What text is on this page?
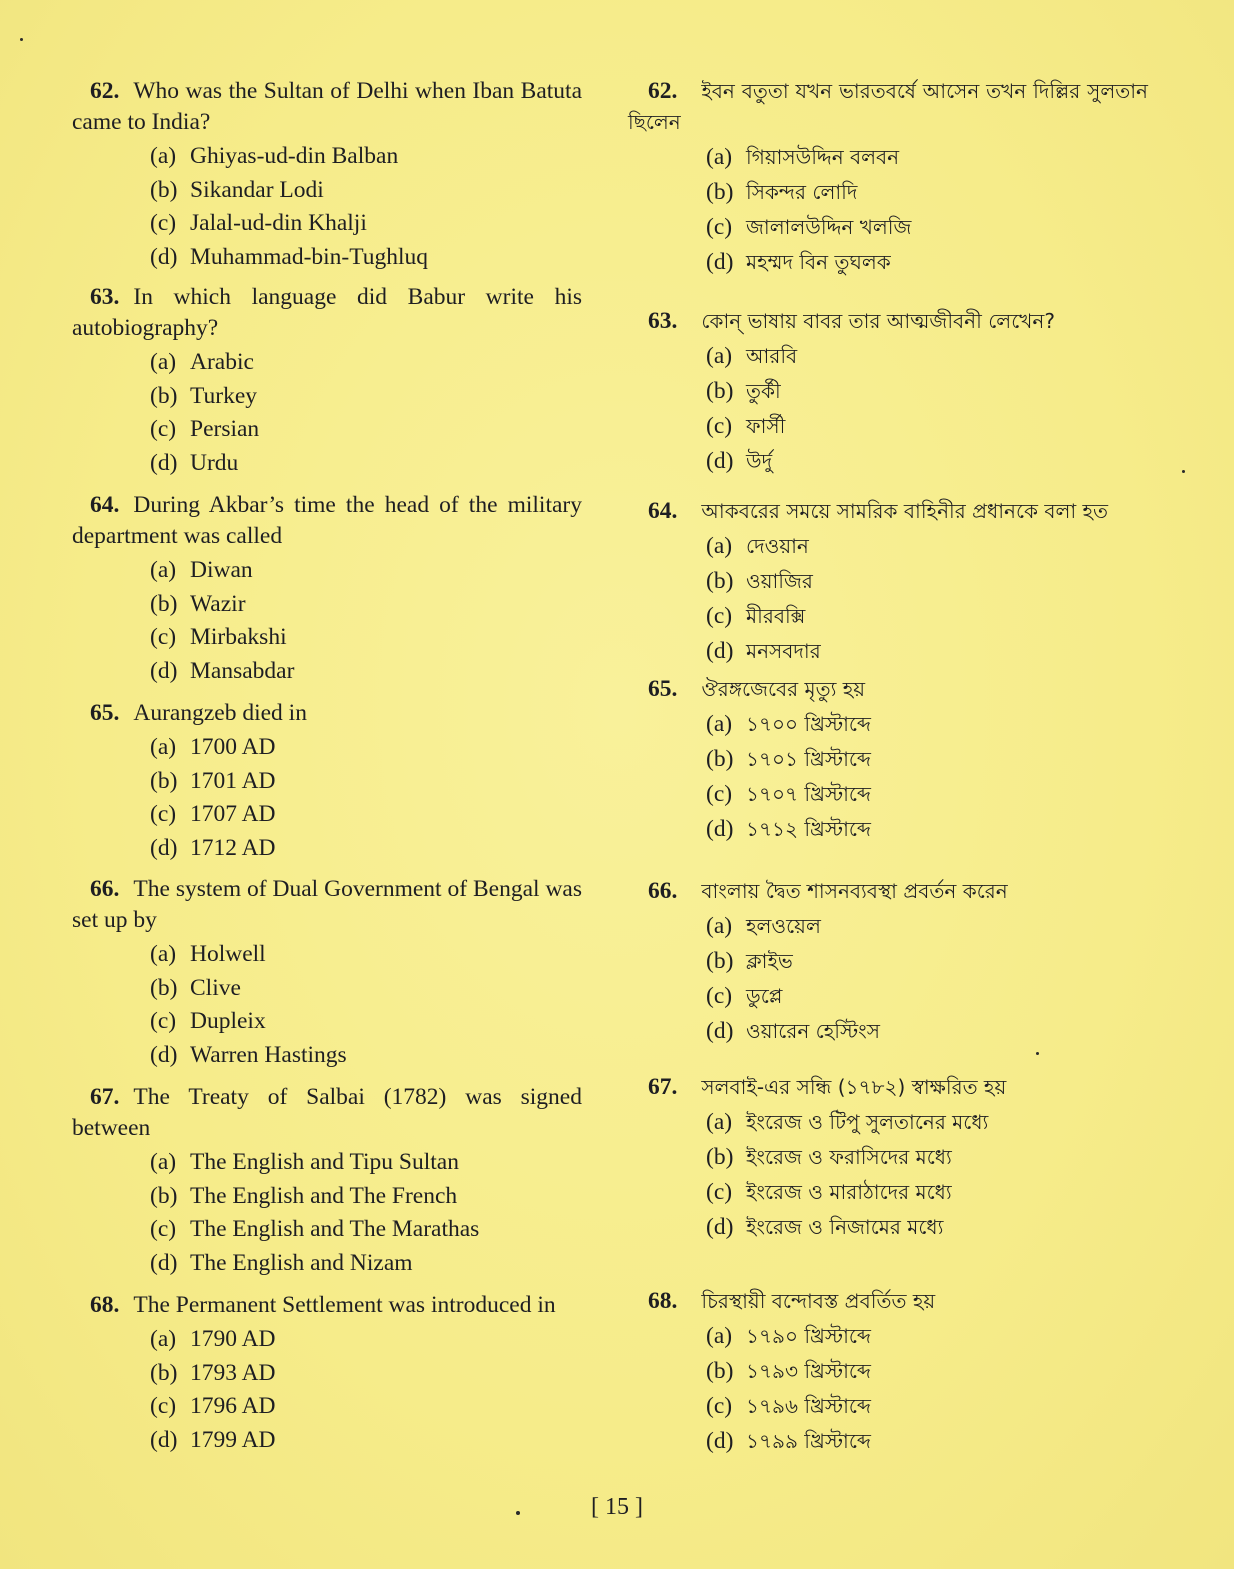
62. Who was the Sultan of Delhi when Iban Batuta came to India?

(a) Ghiyas-ud-din Balban
(b) Sikandar Lodi
(c) Jalal-ud-din Khalji
(d) Muhammad-bin-Tughluq

63. In which language did Babur write his autobiography?

(a) Arabic
(b) Turkey
(c) Persian
(d) Urdu

64. During Akbar’s time the head of the military department was called

(a) Diwan
(b) Wazir
(c) Mirbakshi
(d) Mansabdar

65. Aurangzeb died in

(a) 1700 AD
(b) 1701 AD
(c) 1707 AD
(d) 1712 AD

66. The system of Dual Government of Bengal was set up by

(a) Holwell
(b) Clive
(c) Dupleix
(d) Warren Hastings

67. The Treaty of Salbai (1782) was signed between

(a) The English and Tipu Sultan
(b) The English and The French
(c) The English and The Marathas
(d) The English and Nizam

68. The Permanent Settlement was introduced in

(a) 1790 AD
(b) 1793 AD
(c) 1796 AD
(d) 1799 AD

62. ইবন বতুতা যখন ভারতবর্ষে আসেন তখন দিল্লির সুলতান ছিলেন

(a) গিয়াসউদ্দিন বলবন
(b) সিকন্দর লোদি
(c) জালালউদ্দিন খলজি
(d) মহম্মদ বিন তুঘলক

63. কোন্ ভাষায় বাবর তার আত্মজীবনী লেখেন?

(a) আরবি
(b) তুর্কী
(c) ফার্সী
(d) উর্দু

64. আকবরের সময়ে সামরিক বাহিনীর প্রধানকে বলা হত

(a) দেওয়ান
(b) ওয়াজির
(c) মীরবক্সি
(d) মনসবদার

65. ঔরঙ্গজেবের মৃত্যু হয়

(a) ১৭০০ খ্রিস্টাব্দে
(b) ১৭০১ খ্রিস্টাব্দে
(c) ১৭০৭ খ্রিস্টাব্দে
(d) ১৭১২ খ্রিস্টাব্দে

66. বাংলায় দ্বৈত শাসনব্যবস্থা প্রবর্তন করেন

(a) হলওয়েল
(b) ক্লাইভ
(c) ডুপ্লে
(d) ওয়ারেন হেস্টিংস

67. সলবাই-এর সন্ধি (১৭৮২) স্বাক্ষরিত হয়

(a) ইংরেজ ও টিপু সুলতানের মধ্যে
(b) ইংরেজ ও ফরাসিদের মধ্যে
(c) ইংরেজ ও মারাঠাদের মধ্যে
(d) ইংরেজ ও নিজামের মধ্যে

68. চিরস্থায়ী বন্দোবস্ত প্রবর্তিত হয়

(a) ১৭৯০ খ্রিস্টাব্দে
(b) ১৭৯৩ খ্রিস্টাব্দে
(c) ১৭৯৬ খ্রিস্টাব্দে
(d) ১৭৯৯ খ্রিস্টাব্দে
[ 15 ]
